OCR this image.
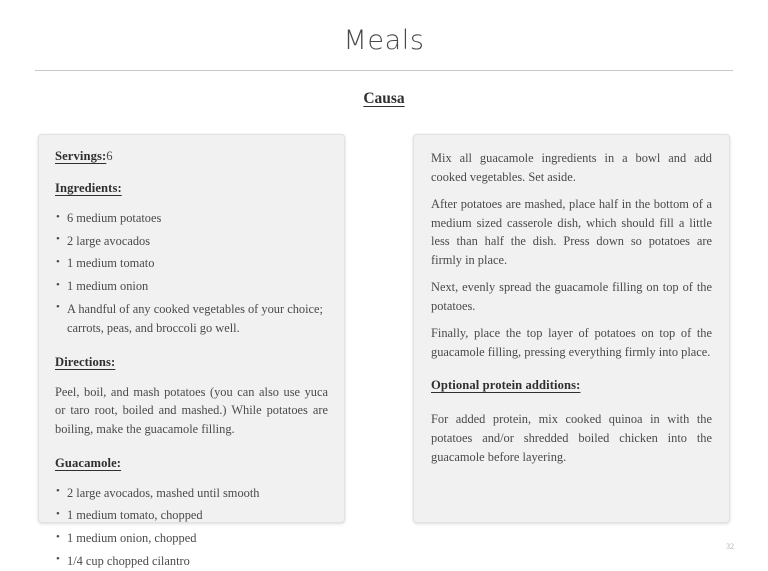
Meals
Causa
Servings:6
Ingredients:
• 6 medium potatoes
• 2 large avocados
• 1 medium tomato
• 1 medium onion
• A handful of any cooked vegetables of your choice; carrots, peas, and broccoli go well.
Directions:

Peel, boil, and mash potatoes (you can also use yuca or taro root, boiled and mashed.) While potatoes are boiling, make the guacamole filling.

Guacamole:
• 2 large avocados, mashed until smooth
• 1 medium tomato, chopped
• 1 medium onion, chopped
• 1/4 cup chopped cilantro

Mix all guacamole ingredients in a bowl and add cooked vegetables. Set aside.

After potatoes are mashed, place half in the bottom of a medium sized casserole dish, which should fill a little less than half the dish. Press down so potatoes are firmly in place.

Next, evenly spread the guacamole filling on top of the potatoes.

Finally, place the top layer of potatoes on top of the guacamole filling, pressing everything firmly into place.

Optional protein additions:

For added protein, mix cooked quinoa in with the potatoes and/or shredded boiled chicken into the guacamole before layering.

32
